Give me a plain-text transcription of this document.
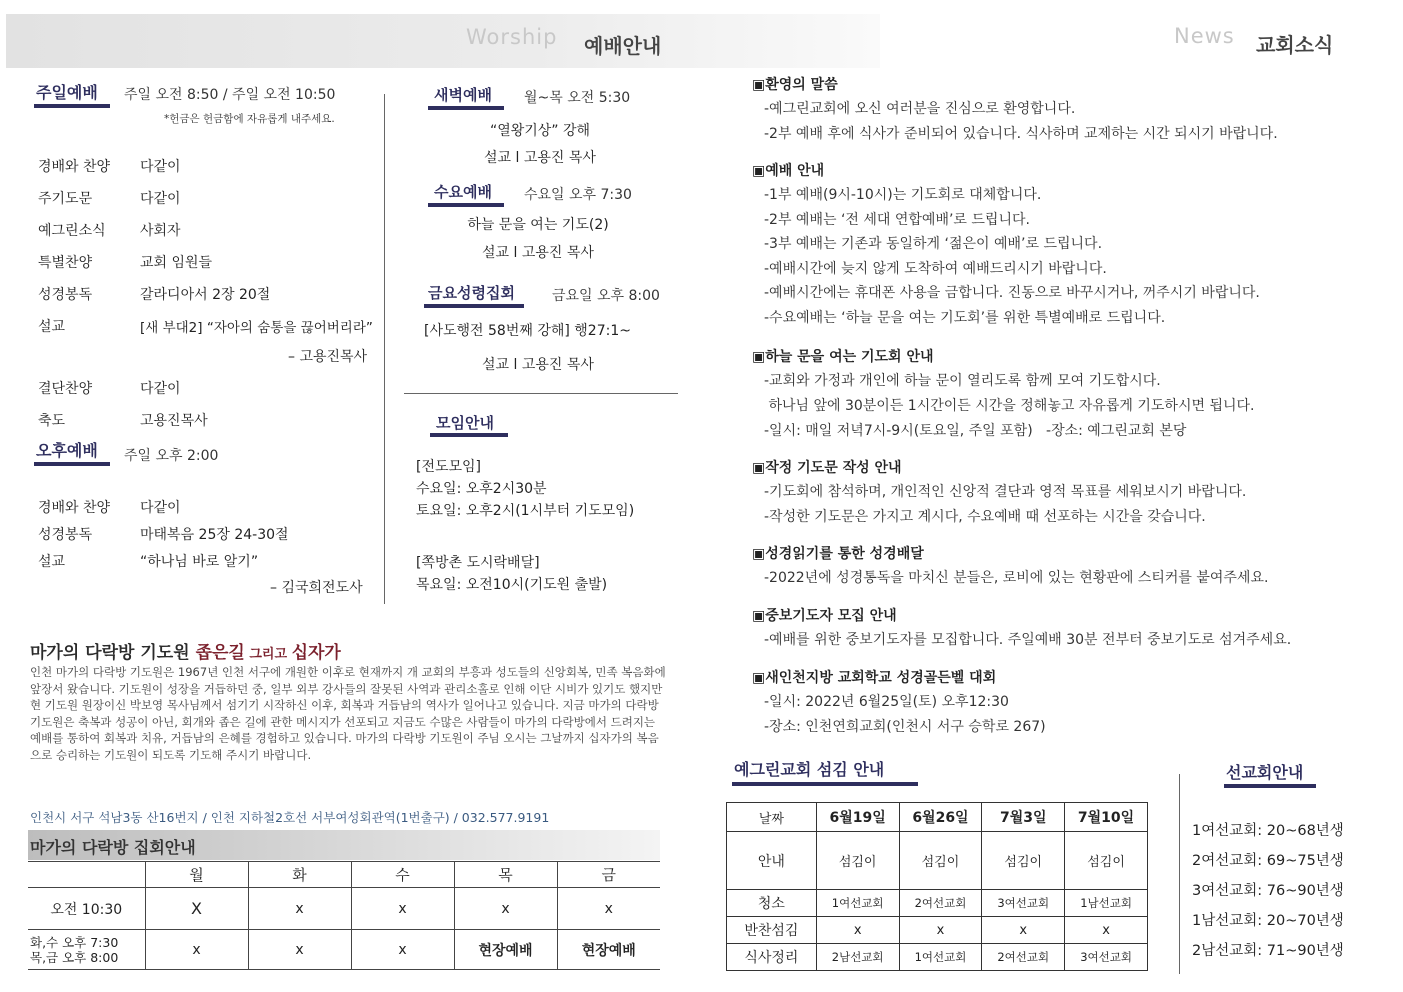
Worship 예배안내	News 교회소식
주일예배 주일 오전 8:50 / 주일 오전 10:50
*헌금은 헌금함에 자유롭게 내주세요.
경배와 찬양	다같이
주기도문	다같이
예그린소식	사회자
특별찬양	교회 임원들
성경봉독	갈라디아서 2장 20절
설교	[새 부대2] “자아의 숨통을 끊어버리라”
– 고용진목사
결단찬양	다같이
축도	고용진목사
오후예배 주일 오후 2:00
경배와 찬양	다같이
성경봉독	마태복음 25장 24-30절
설교	“하나님 바로 알기”
– 김국희전도사
새벽예배 월~목 오전 5:30
“열왕기상” 강해
설교 l 고용진 목사
수요예배 수요일 오후 7:30
하늘 문을 여는 기도(2)
설교 l 고용진 목사
금요성령집회	금요일 오후 8:00
[사도행전 58번째 강해] 행27:1~
설교 l 고용진 목사
모임안내
[전도모임]
수요일: 오후2시30분
토요일: 오후2시(1시부터 기도모임)
[쪽방촌 도시락배달]
목요일: 오전10시(기도원 출발)
마가의 다락방 기도원 좁은길 그리고 십자가
인천 마가의 다락방 기도원은 1967년 인천 서구에 개원한 이후로 현재까지 개 교회의 부흥과 성도들의 신앙회복, 민족 복음화에 앞장서 왔습니다. 기도원이 성장을 거듭하던 중, 일부 외부 강사들의 잘못된 사역과 관리소홀로 인해 이단 시비가 있기도 했지만 현 기도원 원장이신 박보영 목사님께서 섬기기 시작하신 이후, 회복과 거듭남의 역사가 일어나고 있습니다. 지금 마가의 다락방 기도원은 축복과 성공이 아닌, 회개와 좁은 길에 관한 메시지가 선포되고 지금도 수많은 사람들이 마가의 다락방에서 드려지는 예배를 통하여 회복과 치유, 거듭남의 은혜를 경험하고 있습니다. 마가의 다락방 기도원이 주님 오시는 그날까지 십자가의 복음으로 승리하는 기도원이 되도록 기도해 주시기 바랍니다.
인천시 서구 석남3동 산16번지 / 인천 지하철2호선 서부여성회관역(1번출구) / 032.577.9191
마가의 다락방 집회안내
	월	화	수	목	금
오전 10:30	X	x	x	x	x

화,수 오후 7:30
목,금 오후 8:00	x	x	x	현장예배	현장예배
▣환영의 말씀
-예그린교회에 오신 여러분을 진심으로 환영합니다.
-2부 예배 후에 식사가 준비되어 있습니다. 식사하며 교제하는 시간 되시기 바랍니다.
▣예배 안내
-1부 예배(9시-10시)는 기도회로 대체합니다.
-2부 예배는 ‘전 세대 연합예배’로 드립니다.
-3부 예배는 기존과 동일하게 ‘젊은이 예배’로 드립니다.
-예배시간에 늦지 않게 도착하여 예배드리시기 바랍니다.
-예배시간에는 휴대폰 사용을 금합니다. 진동으로 바꾸시거나, 꺼주시기 바랍니다.
-수요예배는 ‘하늘 문을 여는 기도회’를 위한 특별예배로 드립니다.
▣하늘 문을 여는 기도회 안내
-교회와 가정과 개인에 하늘 문이 열리도록 함께 모여 기도합시다.
하나님 앞에 30분이든 1시간이든 시간을 정해놓고 자유롭게 기도하시면 됩니다.
-일시: 매일 저녁7시-9시(토요일, 주일 포함)   -장소: 예그린교회 본당
▣작정 기도문 작성 안내
-기도회에 참석하며, 개인적인 신앙적 결단과 영적 목표를 세워보시기 바랍니다.
-작성한 기도문은 가지고 계시다, 수요예배 때 선포하는 시간을 갖습니다.
▣성경읽기를 통한 성경배달
-2022년에 성경통독을 마치신 분들은, 로비에 있는 현황판에 스티커를 붙여주세요.
▣중보기도자 모집 안내
-예배를 위한 중보기도자를 모집합니다. 주일예배 30분 전부터 중보기도로 섬겨주세요.
▣새인천지방 교회학교 성경골든벨 대회
-일시: 2022년 6월25일(토) 오후12:30
-장소: 인천연희교회(인천시 서구 승학로 267)
예그린교회 섬김 안내
날짜	6월19일	6월26일	7월3일	7월10일
안내	섬김이	섬김이	섬김이	섬김이
청소	1여선교회	2여선교회	3여선교회	1남선교회
반찬섬김	x	x	x	x
식사정리	2남선교회	1여선교회	2여선교회	3여선교회
선교회안내
1여선교회: 20~68년생
2여선교회: 69~75년생
3여선교회: 76~90년생
1남선교회: 20~70년생
2남선교회: 71~90년생
